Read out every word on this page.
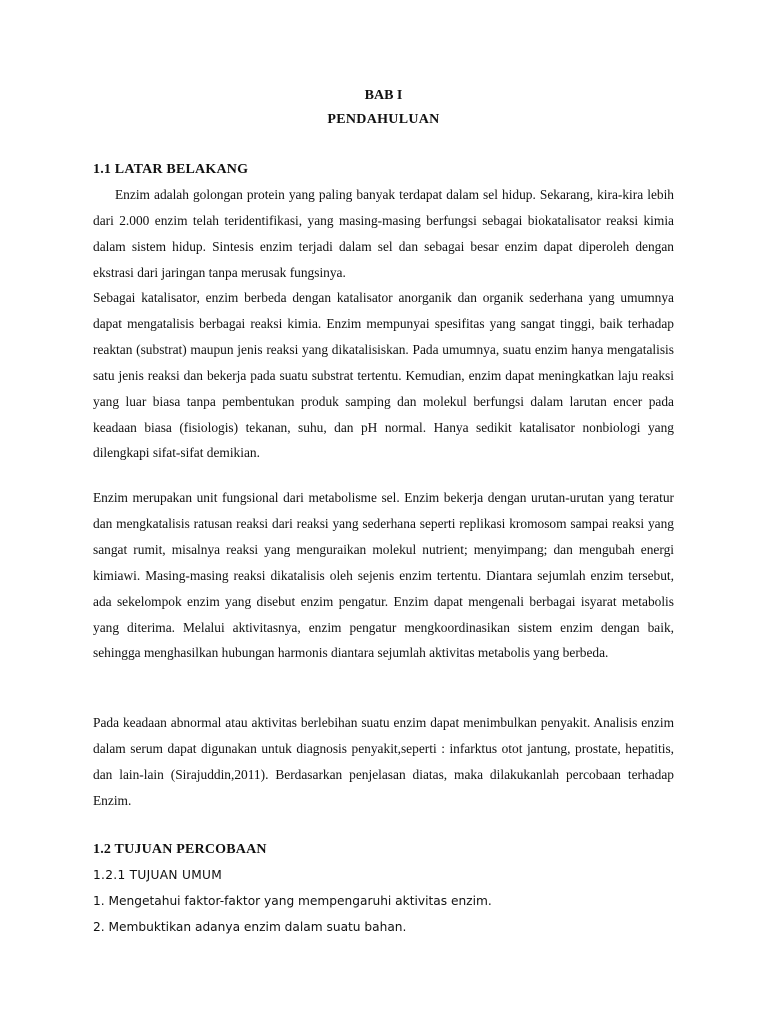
BAB I

PENDAHULUAN

1.1 LATAR BELAKANG

Enzim adalah golongan protein yang paling banyak terdapat dalam sel hidup. Sekarang, kira-kira lebih dari 2.000 enzim telah teridentifikasi, yang masing-masing berfungsi sebagai biokatalisator reaksi kimia dalam sistem hidup. Sintesis enzim terjadi dalam sel dan sebagai besar enzim dapat diperoleh dengan ekstrasi dari jaringan tanpa merusak fungsinya.

Sebagai katalisator, enzim berbeda dengan katalisator anorganik dan organik sederhana yang umumnya dapat mengatalisis berbagai reaksi kimia. Enzim mempunyai spesifitas yang sangat tinggi, baik terhadap reaktan (substrat) maupun jenis reaksi yang dikatalisiskan. Pada umumnya, suatu enzim hanya mengatalisis satu jenis reaksi dan bekerja pada suatu substrat tertentu. Kemudian, enzim dapat meningkatkan laju reaksi yang luar biasa tanpa pembentukan produk samping dan molekul berfungsi dalam larutan encer pada keadaan biasa (fisiologis) tekanan, suhu, dan pH normal. Hanya sedikit katalisator nonbiologi yang dilengkapi sifat-sifat demikian.

Enzim merupakan unit fungsional dari metabolisme sel. Enzim bekerja dengan urutan-urutan yang teratur dan mengkatalisis ratusan reaksi dari reaksi yang sederhana seperti replikasi kromosom sampai reaksi yang sangat rumit, misalnya reaksi yang menguraikan molekul nutrient; menyimpang; dan mengubah energi kimiawi. Masing-masing reaksi dikatalisis oleh sejenis enzim tertentu. Diantara sejumlah enzim tersebut, ada sekelompok enzim yang disebut enzim pengatur. Enzim dapat mengenali berbagai isyarat metabolis yang diterima. Melalui aktivitasnya, enzim pengatur mengkoordinasikan sistem enzim dengan baik, sehingga menghasilkan hubungan harmonis diantara sejumlah aktivitas metabolis yang berbeda.

Pada keadaan abnormal atau aktivitas berlebihan suatu enzim dapat menimbulkan penyakit. Analisis enzim dalam serum dapat digunakan untuk diagnosis penyakit,seperti : infarktus otot jantung, prostate, hepatitis, dan lain-lain (Sirajuddin,2011). Berdasarkan penjelasan diatas, maka dilakukanlah percobaan terhadap Enzim.

1.2 TUJUAN PERCOBAAN

1.2.1 TUJUAN UMUM

1. Mengetahui faktor-faktor yang mempengaruhi aktivitas enzim.

2. Membuktikan adanya enzim dalam suatu bahan.
